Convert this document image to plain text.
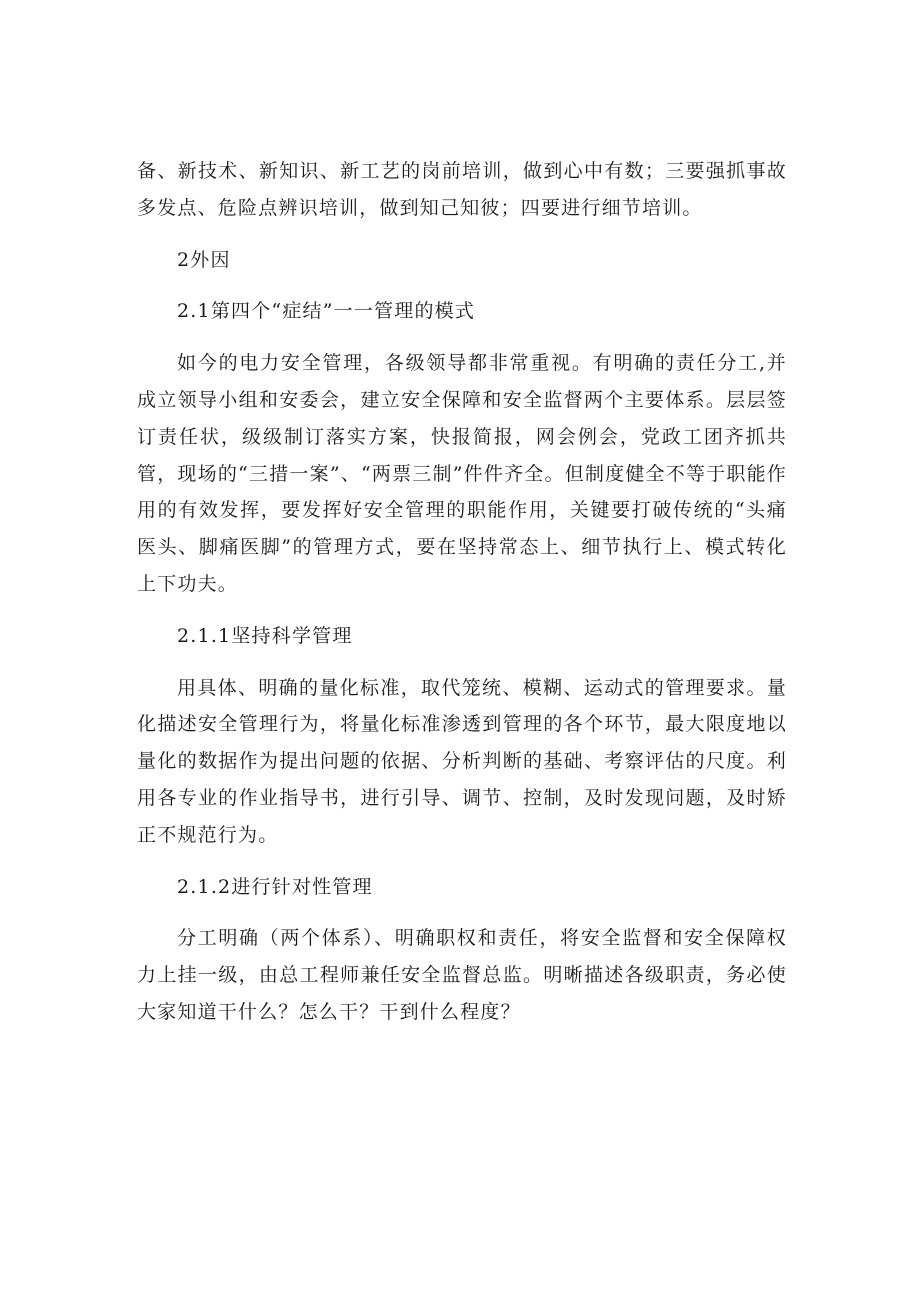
备、新技术、新知识、新工艺的岗前培训，做到心中有数；三要强抓事故多发点、危险点辨识培训，做到知己知彼；四要进行细节培训。

2外因

2.1第四个“症结”一一管理的模式

如今的电力安全管理，各级领导都非常重视。有明确的责任分工,并成立领导小组和安委会，建立安全保障和安全监督两个主要体系。层层签订责任状，级级制订落实方案，快报简报，网会例会，党政工团齐抓共管，现场的“三措一案”、“两票三制”件件齐全。但制度健全不等于职能作用的有效发挥，要发挥好安全管理的职能作用，关键要打破传统的“头痛医头、脚痛医脚”的管理方式，要在坚持常态上、细节执行上、模式转化上下功夫。

2.1.1坚持科学管理

用具体、明确的量化标准，取代笼统、模糊、运动式的管理要求。量化描述安全管理行为，将量化标准渗透到管理的各个环节，最大限度地以量化的数据作为提出问题的依据、分析判断的基础、考察评估的尺度。利用各专业的作业指导书，进行引导、调节、控制，及时发现问题，及时矫正不规范行为。

2.1.2进行针对性管理

分工明确（两个体系）、明确职权和责任，将安全监督和安全保障权力上挂一级，由总工程师兼任安全监督总监。明晰描述各级职责，务必使大家知道干什么？怎么干？干到什么程度？
